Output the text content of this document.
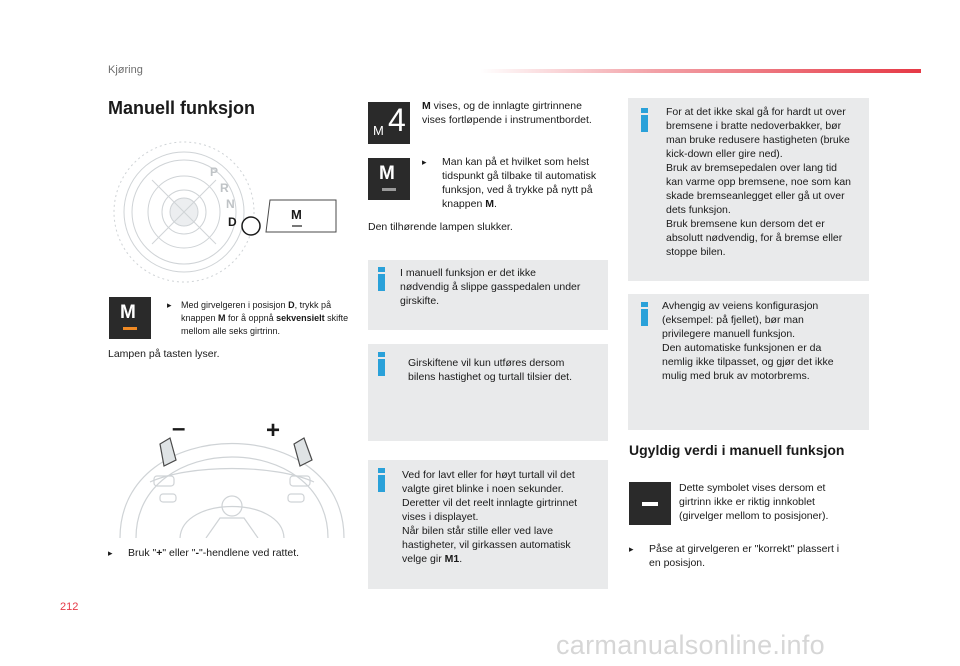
Kjøring
Manuell funksjon
P
R
N
D	M
M	▸ Med girvelgeren i posisjon D, trykk på knappen M for å oppnå sekvensielt skifte mellom alle seks girtrinn.
Lampen på tasten lyser.
–	+
▸ Bruk "+" eller "-"-hendlene ved rattet.
M 4 M vises, og de innlagte girtrinnene vises fortløpende i instrumentbordet.
M
▸ Man kan på et hvilket som helst tidspunkt gå tilbake til automatisk funksjon, ved å trykke på nytt på knappen M.
Den tilhørende lampen slukker.
I manuell funksjon er det ikke
nødvendig å slippe gasspedalen under
girskifte.
Girskiftene vil kun utføres dersom
bilens hastighet og turtall tilsier det.
Ved for lavt eller for høyt turtall vil det
valgte giret blinke i noen sekunder.
Deretter vil det reelt innlagte girtrinnet
vises i displayet.
Når bilen står stille eller ved lave
hastigheter, vil girkassen automatisk
velge gir M1.
For at det ikke skal gå for hardt ut over
bremsene i bratte nedoverbakker, bør
man bruke redusere hastigheten (bruke
kick-down eller gire ned).
Bruk av bremsepedalen over lang tid
kan varme opp bremsene, noe som kan
skade bremseanlegget eller gå ut over
dets funksjon.
Bruk bremsene kun dersom det er
absolutt nødvendig, for å bremse eller
stoppe bilen.
Avhengig av veiens konfigurasjon
(eksempel: på fjellet), bør man
privilegere manuell funksjon.
Den automatiske funksjonen er da
nemlig ikke tilpasset, og gjør det ikke
mulig med bruk av motorbrems.
Ugyldig verdi i manuell funksjon
Dette symbolet vises dersom et
girtrinn ikke er riktig innkoblet
(girvelger mellom to posisjoner).
▸ Påse at girvelgeren er "korrekt" plassert i
en posisjon.
212
carmanualsonline.info
